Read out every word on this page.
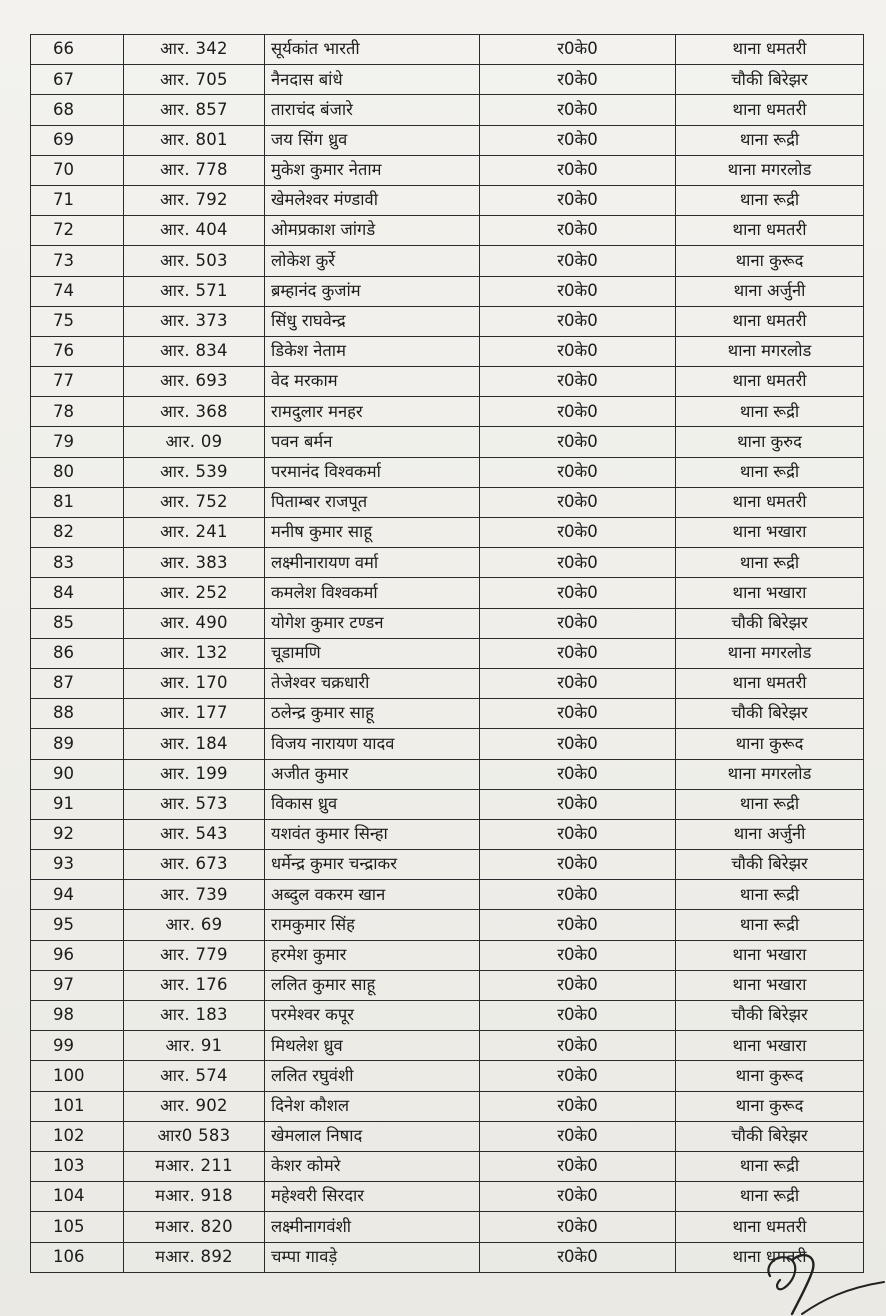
66	आर. 342	सूर्यकांत भारती	र0के0	थाना धमतरी
67	आर. 705	नैनदास बांधे	र0के0	चौकी बिरेझर
68	आर. 857	ताराचंद बंजारे	र0के0	थाना धमतरी
69	आर. 801	जय सिंग ध्रुव	र0के0	थाना रूद्री
70	आर. 778	मुकेश कुमार नेताम	र0के0	थाना मगरलोड
71	आर. 792	खेमलेश्वर मंण्डावी	र0के0	थाना रूद्री
72	आर. 404	ओमप्रकाश जांगडे	र0के0	थाना धमतरी
73	आर. 503	लोकेश कुर्रे	र0के0	थाना कुरूद
74	आर. 571	ब्रम्हानंद कुजांम	र0के0	थाना अर्जुनी
75	आर. 373	सिंधु राघवेन्द्र	र0के0	थाना धमतरी
76	आर. 834	डिकेश नेताम	र0के0	थाना मगरलोड
77	आर. 693	वेद मरकाम	र0के0	थाना धमतरी
78	आर. 368	रामदुलार मनहर	र0के0	थाना रूद्री
79	आर. 09	पवन बर्मन	र0के0	थाना कुरुद
80	आर. 539	परमानंद विश्वकर्मा	र0के0	थाना रूद्री
81	आर. 752	पिताम्बर राजपूत	र0के0	थाना धमतरी
82	आर. 241	मनीष कुमार साहू	र0के0	थाना भखारा
83	आर. 383	लक्ष्मीनारायण वर्मा	र0के0	थाना रूद्री
84	आर. 252	कमलेश विश्वकर्मा	र0के0	थाना भखारा
85	आर. 490	योगेश कुमार टण्डन	र0के0	चौकी बिरेझर
86	आर. 132	चूडामणि	र0के0	थाना मगरलोड
87	आर. 170	तेजेश्वर चक्रधारी	र0के0	थाना धमतरी
88	आर. 177	ठलेन्द्र कुमार साहू	र0के0	चौकी बिरेझर
89	आर. 184	विजय नारायण यादव	र0के0	थाना कुरूद
90	आर. 199	अजीत कुमार	र0के0	थाना मगरलोड
91	आर. 573	विकास ध्रुव	र0के0	थाना रूद्री
92	आर. 543	यशवंत कुमार सिन्हा	र0के0	थाना अर्जुनी
93	आर. 673	धर्मेन्द्र कुमार चन्द्राकर	र0के0	चौकी बिरेझर
94	आर. 739	अब्दुल वकरम खान	र0के0	थाना रूद्री
95	आर. 69	रामकुमार सिंह	र0के0	थाना रूद्री
96	आर. 779	हरमेश कुमार	र0के0	थाना भखारा
97	आर. 176	ललित कुमार साहू	र0के0	थाना भखारा
98	आर. 183	परमेश्वर कपूर	र0के0	चौकी बिरेझर
99	आर. 91	मिथलेश ध्रुव	र0के0	थाना भखारा
100	आर. 574	ललित रघुवंशी	र0के0	थाना कुरूद
101	आर. 902	दिनेश कौशल	र0के0	थाना कुरूद
102	आर0 583	खेमलाल निषाद	र0के0	चौकी बिरेझर
103	मआर. 211	केशर कोमरे	र0के0	थाना रूद्री
104	मआर. 918	महेश्वरी सिरदार	र0के0	थाना रूद्री
105	मआर. 820	लक्ष्मीनागवंशी	र0के0	थाना धमतरी
106	मआर. 892	चम्पा गावड़े	र0के0	थाना धमतरी
